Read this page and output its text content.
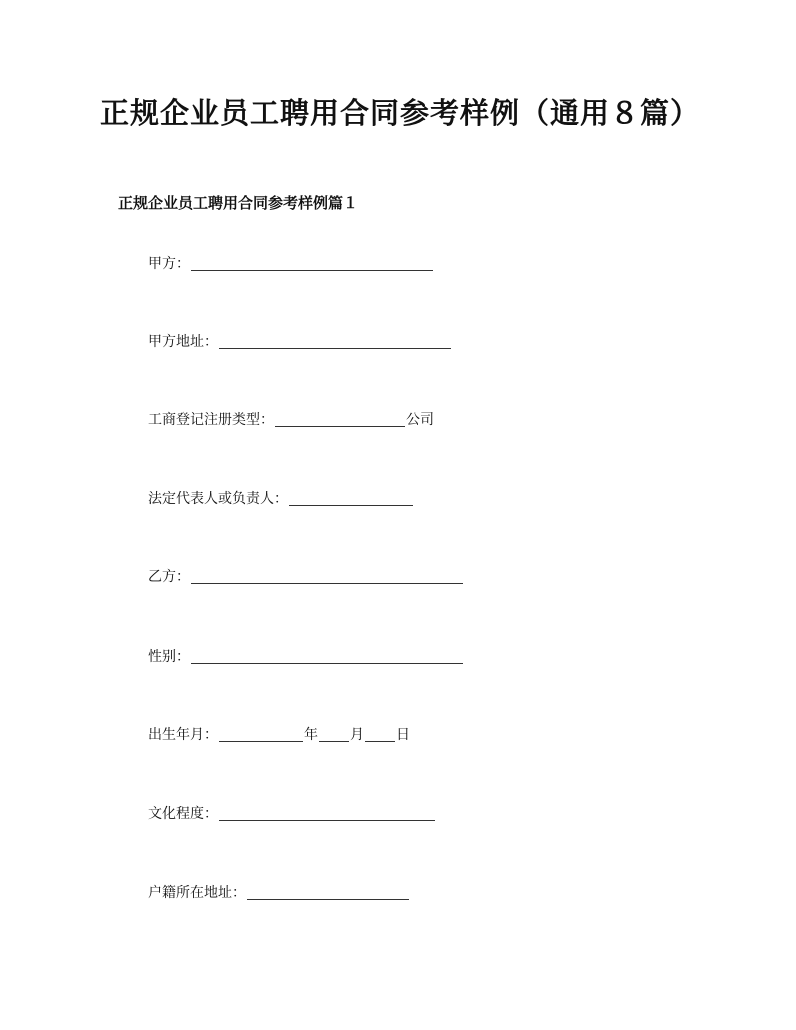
正规企业员工聘用合同参考样例（通用８篇）
正规企业员工聘用合同参考样例篇１
甲方：
甲方地址：
工商登记注册类型：	公司
法定代表人或负责人：
乙方：
性别：
出生年月：	年 月 日
文化程度：
户籍所在地址：
